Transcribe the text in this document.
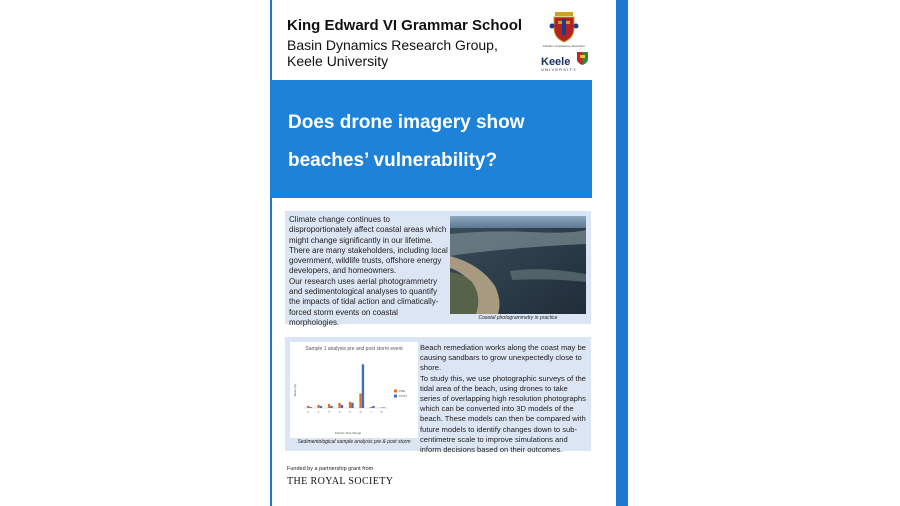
King Edward VI Grammar School

Basin Dynamics Research Group,
Keele University

Fideliter, Amplissime, Excelsius
Keele
UNIVERSITY
Does drone imagery show
beaches’ vulnerability?

Climate change continues to disproportionately affect coastal areas which might change significantly in our lifetime. There are many stakeholders, including local government, wildlife trusts, offshore energy developers, and homeowners.
Our research uses aerial photogrammetry and sedimentological analyses to quantify the impacts of tidal action and climatically-forced storm events on coastal morphologies.	Coastal photogrammetry in practice

Sample 1 analysis pre and post storm event
Mass (%)
Particle Size Range
1 2 3 4 5 6 7 8
PRE
POST

Sedimentological sample analysis pre & post storm

Beach remediation works along the coast may be causing sandbars to grow unexpectedly close to shore.
To study this, we use photographic surveys of the tidal area of the beach, using drones to take series of overlapping high resolution photographs which can be converted into 3D models of the beach. These models can then be compared with future models to identify changes down to sub-centimetre scale to improve simulations and inform decisions based on their outcomes.

Funded by a partnership grant from

THE ROYAL SOCIETY
